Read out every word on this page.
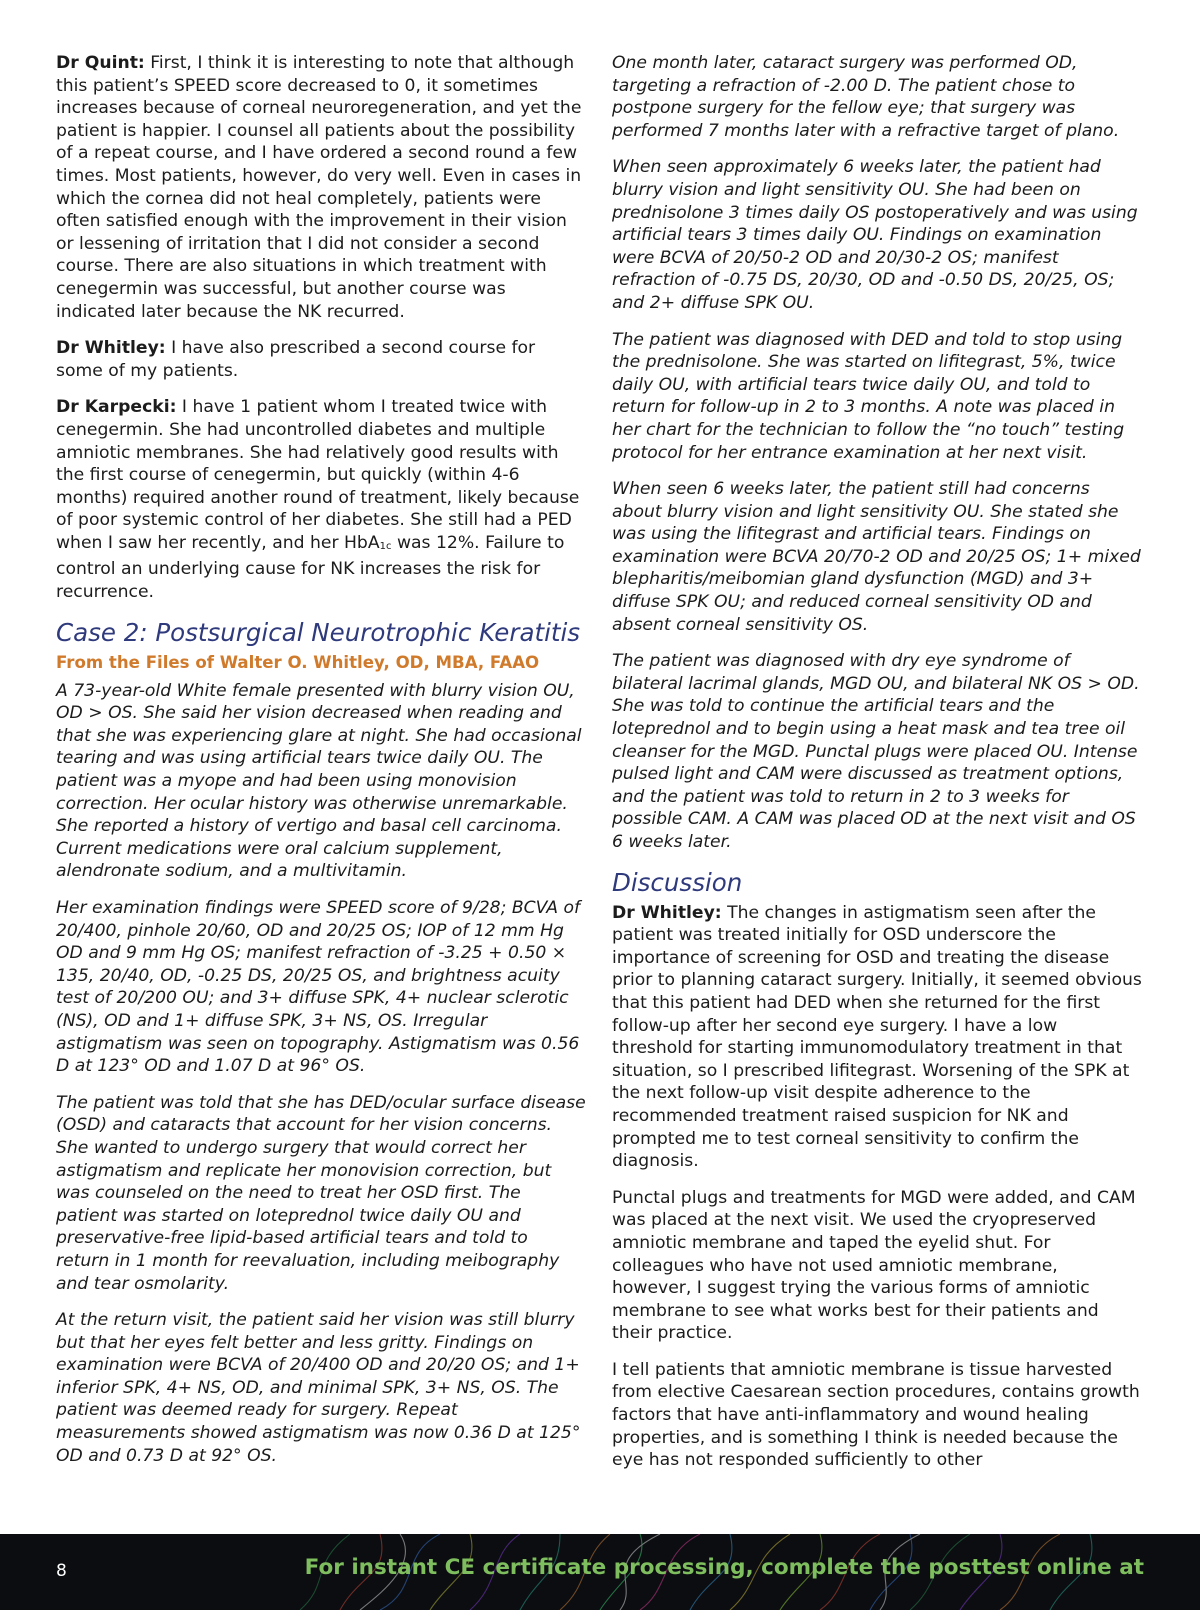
Dr Quint: First, I think it is interesting to note that although this patient’s SPEED score decreased to 0, it sometimes increases because of corneal neuroregeneration, and yet the patient is happier. I counsel all patients about the possibility of a repeat course, and I have ordered a second round a few times. Most patients, however, do very well. Even in cases in which the cornea did not heal completely, patients were often satisfied enough with the improvement in their vision or lessening of irritation that I did not consider a second course. There are also situations in which treatment with cenegermin was successful, but another course was indicated later because the NK recurred.

Dr Whitley: I have also prescribed a second course for some of my patients.

Dr Karpecki: I have 1 patient whom I treated twice with cenegermin. She had uncontrolled diabetes and multiple amniotic membranes. She had relatively good results with the first course of cenegermin, but quickly (within 4-6 months) required another round of treatment, likely because of poor systemic control of her diabetes. She still had a PED when I saw her recently, and her HbA$_{1c}$ was 12%. Failure to control an underlying cause for NK increases the risk for recurrence.

Case 2: Postsurgical Neurotrophic Keratitis
From the Files of Walter O. Whitley, OD, MBA, FAAO

A 73-year-old White female presented with blurry vision OU, OD > OS. She said her vision decreased when reading and that she was experiencing glare at night. She had occasional tearing and was using artificial tears twice daily OU. The patient was a myope and had been using monovision correction. Her ocular history was otherwise unremarkable. She reported a history of vertigo and basal cell carcinoma. Current medications were oral calcium supplement, alendronate sodium, and a multivitamin.

Her examination findings were SPEED score of 9/28; BCVA of 20/400, pinhole 20/60, OD and 20/25 OS; IOP of 12 mm Hg OD and 9 mm Hg OS; manifest refraction of -3.25 + 0.50 × 135, 20/40, OD, -0.25 DS, 20/25 OS, and brightness acuity test of 20/200 OU; and 3+ diffuse SPK, 4+ nuclear sclerotic (NS), OD and 1+ diffuse SPK, 3+ NS, OS. Irregular astigmatism was seen on topography. Astigmatism was 0.56 D at 123° OD and 1.07 D at 96° OS.

The patient was told that she has DED/ocular surface disease (OSD) and cataracts that account for her vision concerns. She wanted to undergo surgery that would correct her astigmatism and replicate her monovision correction, but was counseled on the need to treat her OSD first. The patient was started on loteprednol twice daily OU and preservative-free lipid-based artificial tears and told to return in 1 month for reevaluation, including meibography and tear osmolarity.

At the return visit, the patient said her vision was still blurry but that her eyes felt better and less gritty. Findings on examination were BCVA of 20/400 OD and 20/20 OS; and 1+ inferior SPK, 4+ NS, OD, and minimal SPK, 3+ NS, OS. The patient was deemed ready for surgery. Repeat measurements showed astigmatism was now 0.36 D at 125° OD and 0.73 D at 92° OS.

One month later, cataract surgery was performed OD, targeting a refraction of -2.00 D. The patient chose to postpone surgery for the fellow eye; that surgery was performed 7 months later with a refractive target of plano.

When seen approximately 6 weeks later, the patient had blurry vision and light sensitivity OU. She had been on prednisolone 3 times daily OS postoperatively and was using artificial tears 3 times daily OU. Findings on examination were BCVA of 20/50-2 OD and 20/30-2 OS; manifest refraction of -0.75 DS, 20/30, OD and -0.50 DS, 20/25, OS; and 2+ diffuse SPK OU.

The patient was diagnosed with DED and told to stop using the prednisolone. She was started on lifitegrast, 5%, twice daily OU, with artificial tears twice daily OU, and told to return for follow-up in 2 to 3 months. A note was placed in her chart for the technician to follow the “no touch” testing protocol for her entrance examination at her next visit.

When seen 6 weeks later, the patient still had concerns about blurry vision and light sensitivity OU. She stated she was using the lifitegrast and artificial tears. Findings on examination were BCVA 20/70-2 OD and 20/25 OS; 1+ mixed blepharitis/meibomian gland dysfunction (MGD) and 3+ diffuse SPK OU; and reduced corneal sensitivity OD and absent corneal sensitivity OS.

The patient was diagnosed with dry eye syndrome of bilateral lacrimal glands, MGD OU, and bilateral NK OS > OD. She was told to continue the artificial tears and the loteprednol and to begin using a heat mask and tea tree oil cleanser for the MGD. Punctal plugs were placed OU. Intense pulsed light and CAM were discussed as treatment options, and the patient was told to return in 2 to 3 weeks for possible CAM. A CAM was placed OD at the next visit and OS 6 weeks later.

Discussion

Dr Whitley: The changes in astigmatism seen after the patient was treated initially for OSD underscore the importance of screening for OSD and treating the disease prior to planning cataract surgery. Initially, it seemed obvious that this patient had DED when she returned for the first follow-up after her second eye surgery. I have a low threshold for starting immunomodulatory treatment in that situation, so I prescribed lifitegrast. Worsening of the SPK at the next follow-up visit despite adherence to the recommended treatment raised suspicion for NK and prompted me to test corneal sensitivity to confirm the diagnosis.

Punctal plugs and treatments for MGD were added, and CAM was placed at the next visit. We used the cryopreserved amniotic membrane and taped the eyelid shut. For colleagues who have not used amniotic membrane, however, I suggest trying the various forms of amniotic membrane to see what works best for their patients and their practice.

I tell patients that amniotic membrane is tissue harvested from elective Caesarean section procedures, contains growth factors that have anti-inflammatory and wound healing properties, and is something I think is needed because the eye has not responded sufficiently to other

8	For instant CE certificate processing, complete the posttest online at
